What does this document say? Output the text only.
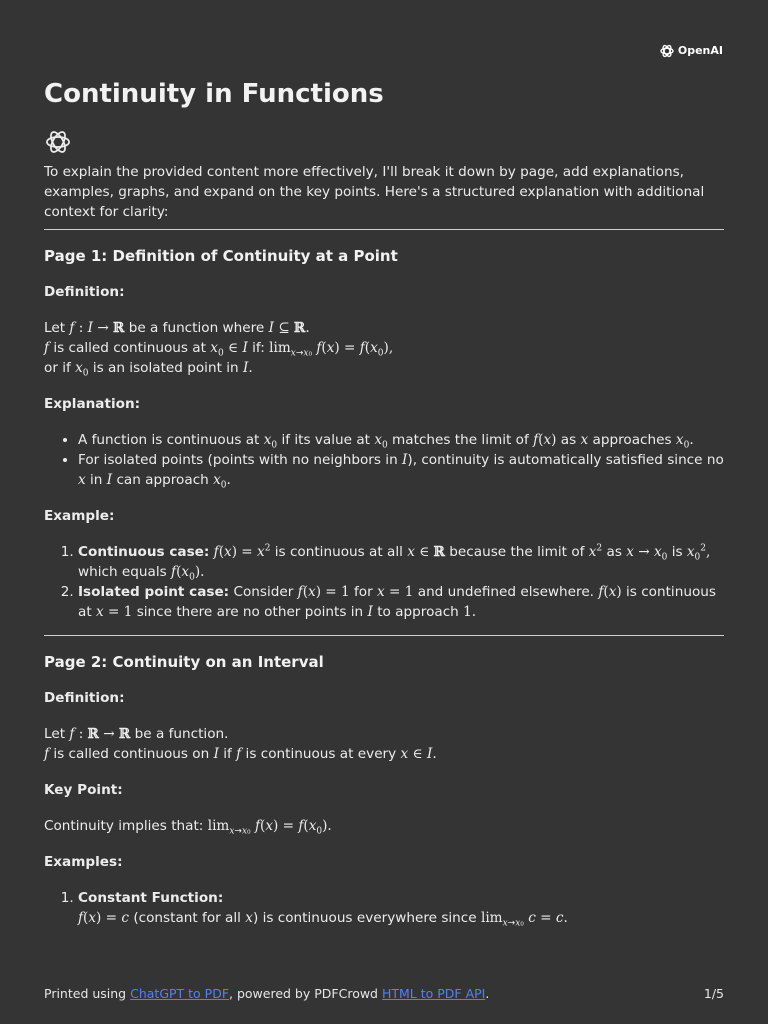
OpenAI
Continuity in Functions

To explain the provided content more effectively, I'll break it down by page, add explanations, examples, graphs, and expand on the key points. Here's a structured explanation with additional context for clarity:

Page 1: Definition of Continuity at a Point

Definition:

Let f : I → ℝ be a function where I ⊆ ℝ.
f is called continuous at $x_0$ ∈ I if: $\lim_{x\to x_0} f(x) = f(x_0)$,
or if $x_0$ is an isolated point in I.

Explanation:

• A function is continuous at $x_0$ if its value at $x_0$ matches the limit of f(x) as x approaches $x_0$.
• For isolated points (points with no neighbors in I), continuity is automatically satisfied since no x in I can approach $x_0$.

Example:

1. Continuous case: $f(x) = x^2$ is continuous at all x ∈ ℝ because the limit of $x^2$ as $x \to x_0$ is $x_0^2$, which equals $f(x_0)$.
2. Isolated point case: Consider f(x) = 1 for x = 1 and undefined elsewhere. f(x) is continuous at x = 1 since there are no other points in I to approach 1.
Page 2: Continuity on an Interval

Definition:

Let f : ℝ → ℝ be a function.
f is called continuous on I if f is continuous at every x ∈ I.

Key Point:

Continuity implies that: $\lim_{x\to x_0} f(x) = f(x_0)$.

Examples:

1. Constant Function:
f(x) = c (constant for all x) is continuous everywhere since $\lim_{x\to x_0} c = c$.
Printed using ChatGPT to PDF, powered by PDFCrowd HTML to PDF API.	1/5
